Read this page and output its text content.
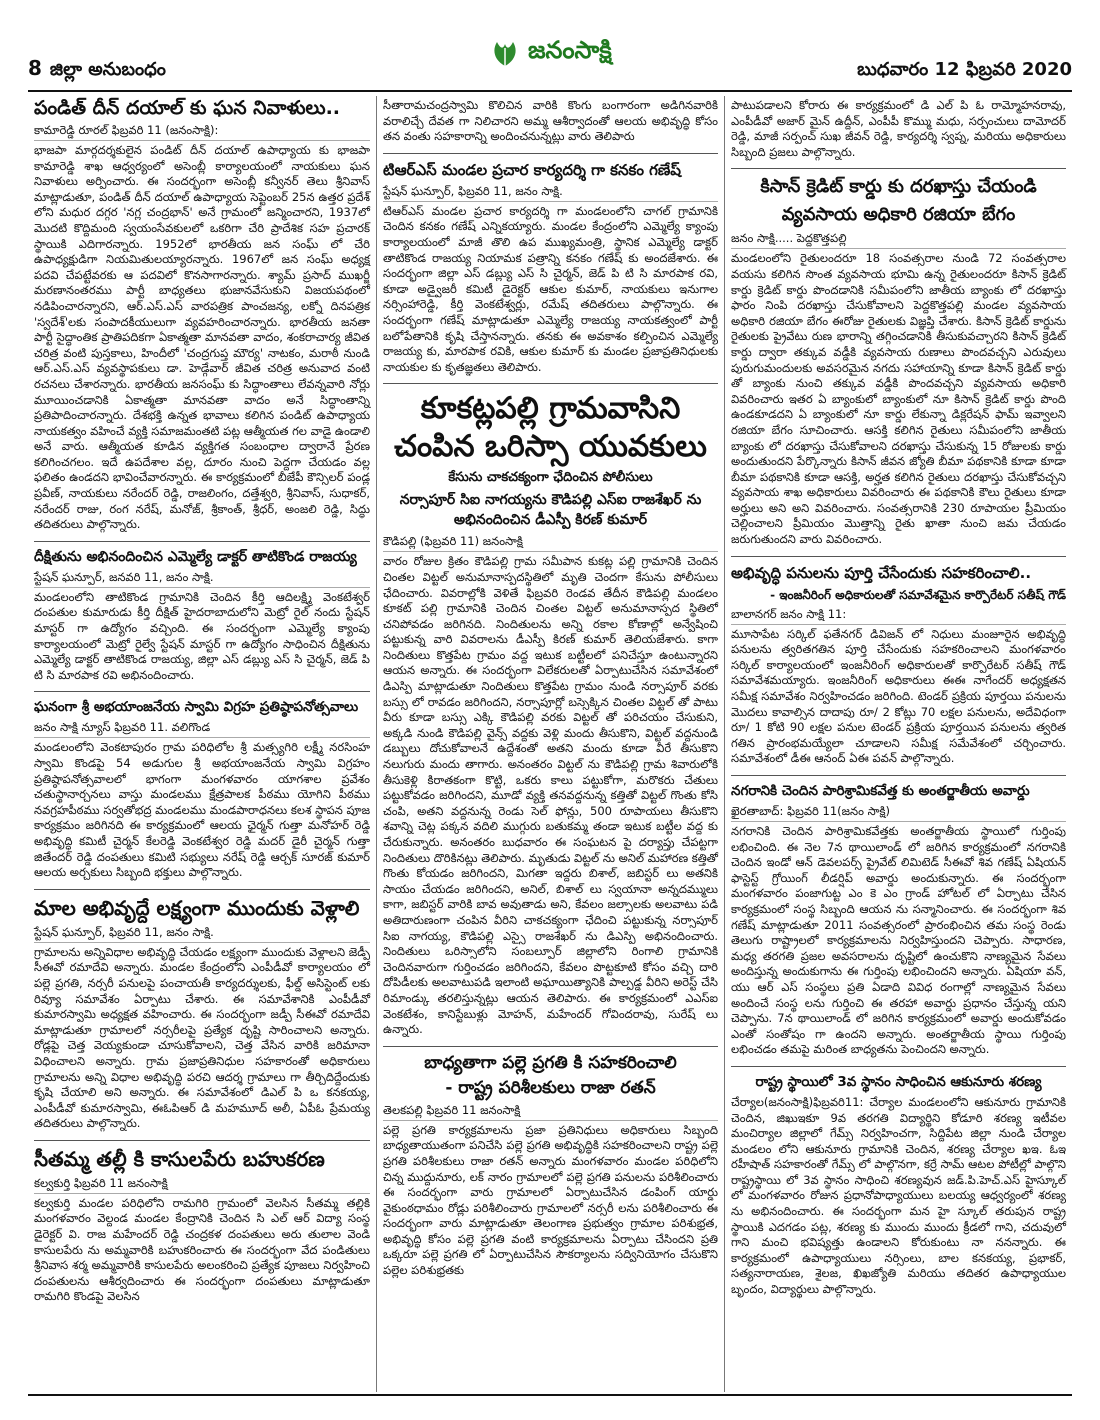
8 జిల్లా అనుబంధం
జనంసాక్షి
బుధవారం 12 ఫిబ్రవరి 2020
పండిత్ దీన్ దయాల్ కు ఘన నివాళులు..
కామారెడ్డి రూరల్ ఫిబ్రవరి 11 (జనంసాక్షి):
భాజపా మార్గదర్శకులైన పండిట్ దీన్ దయాల్ ఉపాధ్యాయ కు భాజపా కామారెడ్డి శాఖ ఆధ్వర్యంలో అసెంబ్లీ కార్యాలయంలో నాయకులు ఘన నివాళులు అర్పించారు. ఈ సందర్భంగా అసెంబ్లీ కన్వీనర్ తెలు శ్రీనివాస్ మాట్లాడుతూ, పండిత్ దీన్ దయాల్ ఉపాధ్యాయ సెప్టెంబర్ 25న ఉత్తర ప్రదేశ్ లోని మధుర దగ్గర 'నగ్ల చంద్రభాన్' అనే గ్రామంలో జన్మించారని, 1937లో మొదటి కొద్దిమంది స్వయంసేవకులలో ఒకరిగా చేరి ప్రాదేశిక సహ ప్రచారక్ స్థాయికి ఎదిగారన్నారు. 1952లో భారతీయ జన సంఘ్ లో చేరి ఉపాధ్యక్షుడిగా నియమితులయ్యారన్నారు. 1967లో జన సంఘ్ అధ్యక్ష పదవి చేపట్టేవరకు ఆ పదవిలో కొనసాగారన్నారు. శ్యామ్ ప్రసాద్ ముఖర్జీ మరణానంతరము పార్టీ బాధ్యతలు భుజానవేసుకుని విజయపథంలో నడిపించారన్నారని, ఆర్.ఎస్.ఎస్ వారపత్రిక పాంచజన్య, లక్నో దినపత్రిక 'స్వదేశ్'లకు సంపాదకీయులుగా వ్యవహరించారన్నారు. భారతీయ జనతా పార్టీ సైద్ధాంతిక ప్రాతిపదికగా ఏకాత్మతా మానవతా వాదం, శంకరాచార్య జీవిత చరిత్ర వంటి పుస్తకాలు, హిందీలో 'చంద్రగుప్త మౌర్య' నాటకం, మరాఠీ నుండి ఆర్.ఎస్.ఎస్ వ్యవస్థాపకులు డా. హెడ్గేవార్ జీవిత చరిత్ర అనువాద వంటి రచనలు చేశారన్నారు. భారతీయ జనసంఘ్ కు సిద్ధాంతాలు లేవన్నవారి నోర్లు మూయించడానికి ఏకాత్మతా మానవతా వాదం అనే సిద్ధాంతాన్ని ప్రతిపాదించారన్నారు. దేశభక్తి ఉన్నత భావాలు కలిగిన పండిట్ ఉపాధ్యాయ నాయకత్వం వహించే వ్యక్తి సమాజమంతటి పట్ల ఆత్మీయత గల వాడై ఉండాలి అనే వారు. ఆత్మీయత కూడిన వ్యక్తిగత సంబంధాల ద్వారానే ప్రేరణ కలిగించగలం. ఇదే ఉపదేశాల వల్ల, దూరం నుంచి పెద్దగా చేయడం వల్ల ఫలితం ఉండదని భావించేవారన్నారు. ఈ కార్యక్రమంలో బీజేపీ కౌన్సిలర్ పండ్ల ప్రవీణ్, నాయకులు నరేందర్ రెడ్డి, రాజలింగం, దత్తేశ్వరి, శ్రీనివాస్, సుధాకర్, నరేందర్ రాజు, రంగ నరేష్, మనోజ్, శ్రీకాంత్, శ్రీధర్, అంజలి రెడ్డి, సిద్ధు తదితరులు పాల్గొన్నారు.
దీక్షితును అభినందించిన ఎమ్మెల్యే డాక్టర్ తాటికొండ రాజయ్య
స్టేషన్ ఘన్పూర్, జనవరి 11, జనం సాక్షి.
మండలంలోని తాటికొండ గ్రామానికి చెందిన కీర్తి ఆదిలక్ష్మి వెంకటేశ్వర్ దంపతుల కుమారుడు కీర్తి దీక్షిత్ హైదరాబాదులోని మెట్రో రైల్ నందు స్టేషన్ మాస్టర్ గా ఉద్యోగం వచ్చింది. ఈ సందర్భంగా ఎమ్మెల్యే క్యాంపు కార్యాలయంలో మెట్రో రైల్వే స్టేషన్ మాస్టర్ గా ఉద్యోగం సాధించిన దీక్షితును ఎమ్మెల్యే డాక్టర్ తాటికొండ రాజయ్య, జిల్లా ఎస్ డబ్ల్యు ఎస్ సి చైర్మన్, జెడ్ పి టి సి మారపాక రవి అభినందించారు.
ఘనంగా శ్రీ అభయాంజనేయ స్వామి విగ్రహ ప్రతిష్ఠాపనోత్సవాలు
జనం సాక్షి న్యూస్ ఫిబ్రవరి 11. వలిగొండ
మండలంలోని వెంకటాపురం గ్రామ పరిధిలోల శ్రీ మత్స్యగిరి లక్ష్మీ నరసింహ స్వామి కొండపై 54 అడుగుల శ్రీ అభయాంజనేయ స్వామి విగ్రహం ప్రతిష్ఠాపనోత్సవాలలో భాగంగా మంగళవారం యాగశాల ప్రవేశం చతుస్థానార్చనలు వాస్తు మండలము క్షేత్రపాలక పీఠము యోగిని పీఠము నవగ్రహపీఠము సర్వతోభద్ర మండలము మండపారాధనలు కలశ స్థాపన పూజ కార్యక్రమం జరిగినది ఈ కార్యక్రమంలో ఆలయ ఛైర్మన్ గుత్తా మనోహర్ రెడ్డి అభివృద్ధి కమిటీ చైర్మన్ కేలరెడ్డి వెంకటేశ్వర రెడ్డి మదర్ డైరీ చైర్మన్ గుత్తా జితేందర్ రెడ్డి దంపతులు కమిటి సభ్యులు నరేష్ రెడ్డి ఆర్చక్ సూరజ్ కుమార్ ఆలయ అర్చకులు సిబ్బంది భక్తులు పాల్గొన్నారు.
మాల అభివృద్దే లక్ష్యంగా ముందుకు వెళ్లాలి
స్టేషన్ ఘన్పూర్, ఫిబ్రవరి 11, జనం సాక్షి.
గ్రామాలను అన్నివిధాల అభివృద్ధి చేయడం లక్ష్యంగా ముందుకు వెళ్లాలని జెడ్పీ సీఈవో రమాదేవి అన్నారు. మండల కేంద్రంలోని ఎంపీడీవో కార్యాలయం లో పల్లె ప్రగతి, నర్సరీ పనులపై పంచాయతీ కార్యదర్శులకు, ఫీల్డ్ అసిస్టెంట్ లకు రివ్యూ సమావేశం ఏర్పాటు చేశారు. ఈ సమావేశానికి ఎంపీడీవో కుమారస్వామి అధ్యక్షత వహించారు. ఈ సందర్భంగా జడ్పీ సీఈవో రమాదేవి మాట్లాడుతూ గ్రామాలలో నర్సరీలపై ప్రత్యేక దృష్టి సారించాలని అన్నారు. రోడ్లపై చెత్త వెయ్యకుండా చూసుకోవాలని, చెత్త వేసిన వారికి జరిమానా విధించాలని అన్నారు. గ్రామ ప్రజాప్రతినిధుల సహకారంతో అధికారులు గ్రామాలను అన్ని విధాల అభివృద్ధి పరచి ఆదర్శ గ్రామాలు గా తీర్చిదిద్దేందుకు కృషి చేయాలి అని అన్నారు. ఈ సమావేశంలో డిఎల్ పి ఒ కనకయ్య, ఎంపీడీవో కుమారస్వామి, ఈఓపిఆర్ డి మహమూద్ అలీ, ఏపీఓ ప్రేమయ్య తదితరులు పాల్గొన్నారు.
సీతమ్మ తల్లీ కి కాసులపేరు బహుకరణ
కల్వకుర్తి ఫిబ్రవరి 11 జనంసాక్షి
కల్వకుర్తి మండల పరిధిలోని రామగిరి గ్రామంలో వెలసిన సీతమ్మ తల్లికి మంగళవారం వెల్దండ మండల కేంద్రానికి చెందిన సి ఎల్ ఆర్ విద్యా సంస్థ డైరెక్టర్ వి. రాజ మహేందర్ రెడ్డి చంద్రకళ దంపతులు అరు తులాల వెండి కాసులపేరు ను అమ్మవారికి బహుకరించారు ఈ సందర్భంగా వేద పండితులు శ్రీనివాస శర్మ అమ్మవారికి కాసులపేరు అలంకరించి ప్రత్యేక పూజలు నిర్వహించి దంపతులను ఆశీర్వదించారు ఈ సందర్భంగా దంపతులు మాట్లాడుతూ రామగిరి కొండపై వెలసిన
సీతారామచంద్రస్వామి కొలిచిన వారికి కొంగు బంగారంగా అడిగినవారికి వరాలిచ్చే దేవత గా నిలిచారని అమ్మ ఆశీర్వాదంతో ఆలయ అభివృద్ధి కోసం తన వంతు సహకారాన్ని అందించనున్నట్లు వారు తెలిపారు
టిఆర్ఎస్ మండల ప్రచార కార్యదర్శి గా కనకం గణేష్
స్టేషన్ ఘన్పూర్, ఫిబ్రవరి 11, జనం సాక్షి.
టిఆర్ఎస్ మండల ప్రచార కార్యదర్శి గా మండలంలోని చాగల్ గ్రామానికి చెందిన కనకం గణేష్ ఎన్నికయ్యారు. మండల కేంద్రంలోని ఎమ్మెల్యే క్యాంపు కార్యాలయంలో మాజీ తొలి ఉప ముఖ్యమంత్రి, స్థానిక ఎమ్మెల్యే డాక్టర్ తాటికొండ రాజయ్య నియామక పత్రాన్ని కనకం గణేష్ కు అందజేశారు. ఈ సందర్భంగా జిల్లా ఎస్ డబ్ల్యు ఎస్ సి చైర్మన్, జెడ్ పి టి సి మారపాక రవి, కూడా అడ్వైజరీ కమిటీ డైరెక్టర్ ఆకుల కుమార్, నాయకులు ఇనుగాల నర్సింహారెడ్డి, కీర్తి వెంకటేశ్వర్లు, రమేష్ తదితరులు పాల్గొన్నారు. ఈ సందర్భంగా గణేష్ మాట్లాడుతూ ఎమ్మెల్యే రాజయ్య నాయకత్వంలో పార్టీ బలోపేతానికి కృషి చేస్తానన్నారు. తనకు ఈ అవకాశం కల్పించిన ఎమ్మెల్యే రాజయ్య కు, మారపాక రవికి, ఆకుల కుమార్ కు మండల ప్రజాప్రతినిధులకు నాయకుల కు కృతజ్ఞతలు తెలిపారు.
కూకట్లపల్లి గ్రామవాసిని చంపిన ఒరిస్సా యువకులు
కేసును చాకచక్యంగా ఛేదించిన పోలీసులు
నర్సాపూర్ సిఐ నాగయ్యను కౌడిపల్లి ఎస్ఐ రాజశేఖర్ ను అభినందించిన డీఎస్పీ కిరణ్ కుమార్
కౌడిపల్లి (ఫిబ్రవరి 11) జనంసాక్షి
వారం రోజుల క్రితం కౌడిపల్లి గ్రామ సమీపాన కుకట్ల పల్లి గ్రామానికి చెందిన చింతల విట్టల్ అనుమానాస్పదస్థితిలో మృతి చెందగా కేసును పోలీసులు ఛేదించారు. వివరాల్లోకి వెళితే ఫిబ్రవరి రెండవ తేదీన కౌడిపల్లి మండలం కూకట్ పల్లి గ్రామానికి చెందిన చింతల విట్టల్ అనుమానాస్పద స్థితిలో చనిపోవడం జరిగినది. నిందితులను అన్ని రకాల కోణాల్లో అన్వేషించి పట్టుకున్న వారి వివరాలను డీఎస్పీ కిరణ్ కుమార్ తెలియజేశారు. కాగా నిందితులు కొత్తపేట గ్రామం వద్ద ఇటుక బట్టీలలో పనిచేస్తూ ఉంటున్నారని ఆయన అన్నారు. ఈ సందర్భంగా విలేకరులతో ఏర్పాటుచేసిన సమావేశంలో డిఎస్పి మాట్లాడుతూ నిందితులు కొత్తపేట గ్రామం నుండి నర్సాపూర్ వరకు బస్సు లో రావడం జరిగిందని, నర్సాపూర్లో బస్సెక్కిన చింతల విట్టల్ తో పాటు వీరు కూడా బస్సు ఎక్కి కౌడిపల్లి వరకు విట్టల్ తో పరిచయం చేసుకుని, అక్కడి నుండి కౌడిపల్లి వైన్స్ వద్దకు వెళ్లి మందు తీసుకొని, విట్టల్ వద్దనుండి డబ్బులు దోచుకోవాలనే ఉద్దేశంతో అతని మందు కూడా వీరే తీసుకొని నలుగురు మందు తాగారు. అనంతరం విట్టల్ ను కౌడిపల్లి గ్రామ శివారులోకి తీసుకెళ్లి కిరాతకంగా కొట్టి, ఒకరు కాలు పట్టుకోగా, మరొకరు చేతులు పట్టుకోవడం జరిగిందని, మూడో వ్యక్తి తనవద్దనున్న కత్తితో విట్టల్ గొంతు కోసి చంపి, అతని వద్దనున్న రెండు సెల్ ఫోన్లు, 500 రూపాయలు తీసుకొని శవాన్ని చెట్ల పక్కన వదిలి ముగ్గురు బతుకమ్మ తండా ఇటుక బట్టీల వద్ద కు చేరుకున్నారు. అనంతరం బుధవారం ఈ సంఘటన పై దర్యాప్తు చేపట్టగా నిందితులు దొరికినట్లు తెలిపారు. మృతుడు విట్టల్ ను అనిల్ మహారణ కత్తితో గొంతు కోయడం జరిగిందని, మిగతా ఇద్దరు బిశాల్, జబిస్టర్ లు అతనికి సాయం చేయడం జరిగిందని, అనిల్, బిశాల్ లు స్వయానా అన్నదమ్ములు కాగా, జబిస్టర్ వారికి బావ అవుతాడు అని, కేవలం జల్సాలకు అలవాటు పడి అతిదారుణంగా చంపిన వీరిని చాకచక్యంగా ఛేదించి పట్టుకున్న నర్సాపూర్ సిఐ నాగయ్య, కౌడిపల్లి ఎస్సై రాజశేఖర్ ను డిఎస్పి అభినందించారు. నిందితులు ఒరిస్సాలోని సంబల్పూర్ జిల్లాలోని రింగాలి గ్రామానికి చెందినవారుగా గుర్తించడం జరిగిందని, కేవలం పొట్టకూటి కోసం వచ్చి దారి దోపిడీలకు అలవాటుపడి ఇలాంటి అఘాయిత్యానికి పాల్పడ్డ వీరిని అరెస్ట్ చేసి రిమాండ్కు తరలిస్తున్నట్లు ఆయన తెలిపారు. ఈ కార్యక్రమంలో ఎఎస్ఐ వెంకటేశం, కానిస్టేబుళ్లు మోహన్, మహేందర్ గోవిందరావు, సురేష్ లు ఉన్నారు.
బాధ్యతాగా పల్లె ప్రగతి కి సహకరించాలి
- రాష్ట్ర పరిశీలకులు రాజా రతన్
తెలకపల్లి ఫిబ్రవరి 11 జనంసాక్షి
పల్లె ప్రగతి కార్యక్రమాలను ప్రజా ప్రతినిధులు అధికారులు సిబ్బంది బాధ్యతాయుతంగా పనిచేసి పల్లె ప్రగతి అభివృద్ధికి సహకరించాలని రాష్ట్ర పల్లె ప్రగతి పరిశీలకులు రాజా రతన్ అన్నారు మంగళవారం మండల పరిధిలోని చిన్న ముద్దునూరు, లక్ నారం గ్రామాలలో పల్లె ప్రగతి పనులను పరిశీలించారు ఈ సందర్భంగా వారు గ్రామాలలో ఏర్పాటుచేసిన డంపింగ్ యార్డు వైకుంఠధామం రోడ్లు పరిశీలించారు గ్రామాలలో నర్సరీ లను పరిశీలించారు ఈ సందర్భంగా వారు మాట్లాడుతూ తెలంగాణ ప్రభుత్వం గ్రామాల పరిశుభ్రత, అభివృద్ధి కోసం పల్లె ప్రగతి వంటి కార్యక్రమాలను ఏర్పాటు చేసిందని ప్రతి ఒక్కరూ పల్లె ప్రగతి లో ఏర్పాటుచేసిన సౌకర్యాలను సద్వినియోగం చేసుకొని పల్లెల పరిశుభ్రతకు
పాటుపడాలని కోరారు ఈ కార్యక్రమంలో డి ఎల్ పి ఓ రామ్మోహనరావు, ఎంపీడీవో అజార్ మైన్ ఉద్దీన్, ఎంపీపీ కొమ్ము మధు, సర్పంచులు దామోదర్ రెడ్డి, మాజీ సర్పంచ్ సుఖ జీవన్ రెడ్డి, కార్యదర్శి స్వప్న, మరియు అధికారులు సిబ్బంది ప్రజలు పాల్గొన్నారు.
కిసాన్ క్రెడిట్ కార్డు కు దరఖాస్తు చేయండి
వ్యవసాయ అధికారి రజియా బేగం
జనం సాక్షి..... పెద్దకొత్తపల్లి
మండలంలోని రైతులందరూ 18 సంవత్సరాల నుండి 72 సంవత్సరాల వయసు కలిగిన సొంత వ్యవసాయ భూమి ఉన్న రైతులందరూ కిసాన్ క్రెడిట్ కార్డు క్రెడిట్ కార్డు పొందడానికి సమీపంలోని జాతీయ బ్యాంకు లో దరఖాస్తు ఫారం నింపి దరఖాస్తు చేసుకోవాలని పెద్దకొత్తపల్లి మండల వ్యవసాయ అధికారి రజియా బేగం ఈరోజు రైతులకు విజ్ఞప్తి చేశారు. కిసాన్ క్రెడిట్ కార్డును రైతులకు ప్రైవేటు రుణ భారాన్ని తగ్గించడానికి తీసుకువచ్చారని కిసాన్ క్రెడిట్ కార్డు ద్వారా తక్కువ వడ్డీకి వ్యవసాయ రుణాలు పొందవచ్చని ఎరువులు పురుగుమందులకు అవసరమైన నగదు సహాయాన్ని కూడా కిసాన్ క్రెడిట్ కార్డు తో బ్యాంకు నుంచి తక్కువ వడ్డీకి పొందవచ్చని వ్యవసాయ అధికారి వివరించారు ఇతర ఏ బ్యాంకులో బ్యాంకులో నూ కిసాన్ క్రెడిట్ కార్డు పొంది ఉండకూడదని ఏ బ్యాంకులో నూ కార్డు లేకున్నా డిక్లరేషన్ ఫామ్ ఇవ్వాలని రజియా బేగం సూచించారు. ఆసక్తి కలిగిన రైతులు సమీపంలోని జాతీయ బ్యాంకు లో దరఖాస్తు చేసుకోవాలని దరఖాస్తు చేసుకున్న 15 రోజులకు కార్డు అందుతుందని పేర్కొన్నారు కిసాన్ జీవన జ్యోతి బీమా పథకానికి కూడా కూడా బీమా పథకానికి కూడా ఆసక్తి, అర్హత కలిగిన రైతులు దరఖాస్తు చేసుకోవచ్చని వ్యవసాయ శాఖ అధికారులు వివరించారు ఈ పథకానికి కౌలు రైతులు కూడా అర్హులు అని అని వివరించారు. సంవత్సరానికి 230 రూపాయల ప్రీమియం చెల్లించాలని ప్రీమియం మొత్తాన్ని రైతు ఖాతా నుంచి జమ చేయడం జరుగుతుందని వారు వివరించారు.
అభివృద్ధి పనులను పూర్తి చేసేందుకు సహకరించాలి..
- ఇంజనీరింగ్ అధికారులతో సమావేశమైన కార్పొరేటర్ సతీష్ గౌడ్
బాలానగర్ జనం సాక్షి 11:
మూసాపేట సర్కిల్ ఫతేనగర్ డివిజన్ లో నిధులు మంజూరైన అభివృద్ధి పనులను త్వరితగతిన పూర్తి చేసేందుకు సహకరించాలని మంగళవారం సర్కిల్ కార్యాలయంలో ఇంజనీరింగ్ అధికారులతో కార్పొరేటర్ సతీష్ గౌడ్ సమావేశమయ్యారు. ఇంజనీరింగ్ అధికారులు ఈఈ నాగేందర్ అధ్యక్షతన సమీక్ష సమావేశం నిర్వహించడం జరిగింది. టెండర్ ప్రక్రియ పూర్తయి పనులను మొదలు కావాల్సిన దాదాపు రూ/ 2 కోట్లు 70 లక్షల పనులను, అదేవిధంగా రూ/ 1 కోటి 90 లక్షల పనుల టెండర్ ప్రక్రియ పూర్తయిన పనులను త్వరిత గతిన ప్రారంభమయ్యేలా చూడాలని సమీక్ష సమేవేశంలో చర్చించారు. సమావేశంలో డీఈ ఆనంద్ ఏఈ పవన్ పాల్గొన్నారు.
నగరానికి చెందిన పారిశ్రామికవేత్త కు అంతర్జాతీయ అవార్డు
ఖైరతాబాద్: ఫిబ్రవరి 11(జనం సాక్షి)
నగరానికి చెందిన పారిశ్రామికవేత్తకు అంతర్జాతీయ స్థాయిలో గుర్తింపు లభించింది. ఈ నెల 7న థాయిలాండ్ లో జరిగిన కార్యక్రమంలో నగరానికి చెందిన ఇండో ఆన్ డెవలపర్స్ ప్రైవేట్ లిమిటెడ్ సీఈవో శివ గణేష్ ఏషియన్ ఫాస్టెస్ట్ గ్రోయింగ్ లీడర్షిప్ అవార్డు అందుకున్నారు. ఈ సందర్భంగా మంగళవారం పంజాగుట్ట ఎం కె ఎం గ్రాండ్ హోటల్ లో ఏర్పాటు చేసిన కార్యక్రమంలో సంస్థ సిబ్బంది ఆయన ను సన్మానించారు. ఈ సందర్భంగా శివ గణేష్ మాట్లాడుతూ 2011 సంవత్సరంలో ప్రారంభించిన తమ సంస్థ రెండు తెలుగు రాష్ట్రాలలో కార్యక్రమాలను నిర్వహిస్తుందని చెప్పారు. సాధారణ, మధ్య తరగతి ప్రజల అవసరాలను దృష్టిలో ఉంచుకొని నాణ్యమైన సేవలు అందిస్తున్న అందుకుగాను ఈ గుర్తింపు లభించిందని అన్నారు. ఏషియా వన్, యు ఆర్ ఎస్ సంస్థలు ప్రతి ఏడాది వివిధ రంగాల్లో నాణ్యమైన సేవలు అందించే సంస్థ లను గుర్తించి ఈ తరహా అవార్డు ప్రధానం చేస్తున్న యని చెప్పాను. 7న థాయిలాండ్ లో జరిగిన కార్యక్రమంలో అవార్డు అందుకోవడం ఎంతో సంతోషం గా ఉందని అన్నారు. అంతర్జాతీయ స్థాయి గుర్తింపు లభించడం తమపై మరింత బాధ్యతను పెంచిందని అన్నారు.
రాష్ట్ర స్థాయిలో 3వ స్థానం సాధించిన ఆకునూరు శరణ్య
చేర్యాల(జనంసాక్షి)ఫిబ్రవరి11: చేర్యాల మండలంలోని ఆకునూరు గ్రామానికి చెందిన, జిఖుఇకూ 9వ తరగతి విద్యార్థిని కోడూరి శరణ్య ఇటీవల మంచిర్యాల జిల్లాలో గేమ్స్ నిర్వహించగా, సిద్దిపేట జిల్లా నుండి చేర్యాల మండలం లోని ఆకునూరు గ్రామానికి చెందిన, శరణ్య చేర్యాల ఖఇ. ఓఇ రహీషాత్ సహకారంతో గేమ్స్ లో పాల్గొనగా, కర్రే సామ్ ఆటల పోటీల్లో పాల్గొని రాష్ట్రస్థాయి లో 3వ స్థానం సాధించి శరణ్యవున జడ్.పి.హెచ్.ఎస్ హైస్కూల్ లో మంగళవారం రోజున ప్రధానోపాధ్యాయులు బలయ్య ఆధ్వర్యంలో శరణ్య ను అభినందించారు. ఈ సందర్భంగా మన హై స్కూల్ తరుపున రాష్ట్ర స్థాయికి ఎదగడం పట్ల, శరణ్య కు ముందు ముందు క్రీడలో గాని, చదువులో గాని మంచి భవిష్యత్తు ఉండాలని కోరుకుంటు నా ననన్నారు. ఈ కార్యక్రమంలో ఉపాధ్యాయులు నర్సింలు, బాల కనకయ్య, ప్రభాకర్, సత్యనారాయణ, శైలజ, ఖిఖజ్యోతి మరియు తదితర ఉపాధ్యాయుల బృందం, విద్యార్థులు పాల్గొన్నారు.
